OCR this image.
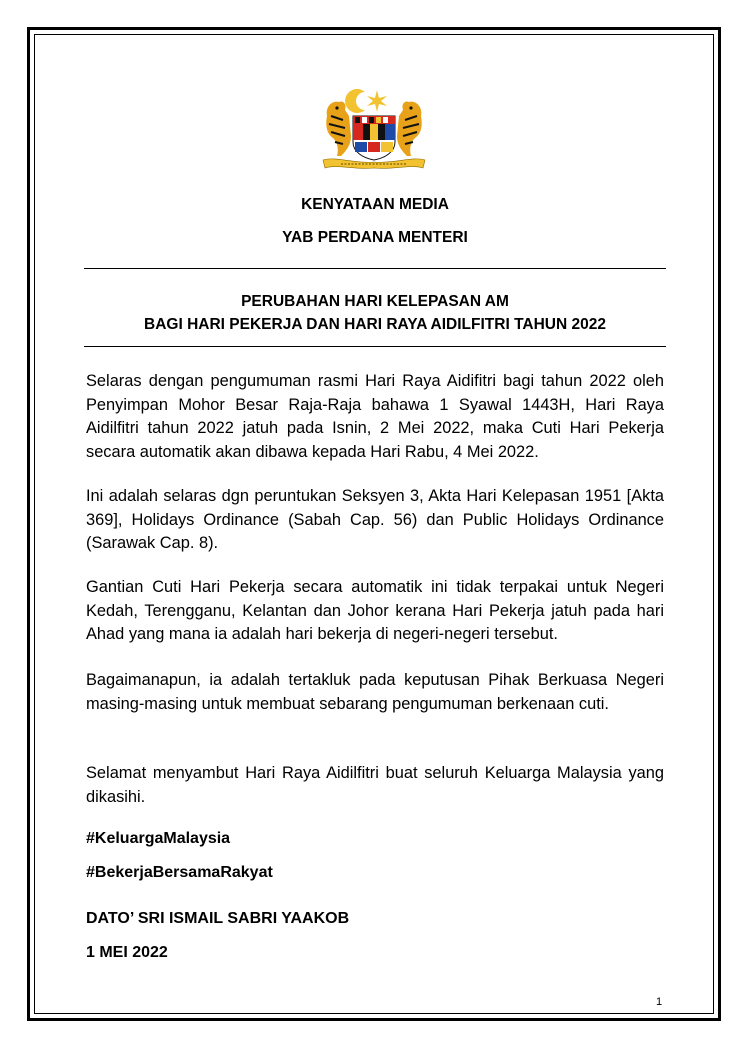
KENYATAAN MEDIA
YAB PERDANA MENTERI
PERUBAHAN HARI KELEPASAN AM
BAGI HARI PEKERJA DAN HARI RAYA AIDILFITRI TAHUN 2022
Selaras dengan pengumuman rasmi Hari Raya Aidifitri bagi tahun 2022 oleh Penyimpan Mohor Besar Raja-Raja bahawa 1 Syawal 1443H, Hari Raya Aidilfitri tahun 2022 jatuh pada Isnin, 2 Mei 2022, maka Cuti Hari Pekerja secara automatik akan dibawa kepada Hari Rabu, 4 Mei 2022.
Ini adalah selaras dgn peruntukan Seksyen 3, Akta Hari Kelepasan 1951 [Akta 369], Holidays Ordinance (Sabah Cap. 56) dan Public Holidays Ordinance (Sarawak Cap. 8).
Gantian Cuti Hari Pekerja secara automatik ini tidak terpakai untuk Negeri Kedah, Terengganu, Kelantan dan Johor kerana Hari Pekerja jatuh pada hari Ahad yang mana ia adalah hari bekerja di negeri-negeri tersebut.
Bagaimanapun, ia adalah tertakluk pada keputusan Pihak Berkuasa Negeri masing-masing untuk membuat sebarang pengumuman berkenaan cuti.
Selamat menyambut Hari Raya Aidilfitri buat seluruh Keluarga Malaysia yang dikasihi.
#KeluargaMalaysia
#BekerjaBersamaRakyat
DATO’ SRI ISMAIL SABRI YAAKOB
1 MEI 2022
1
